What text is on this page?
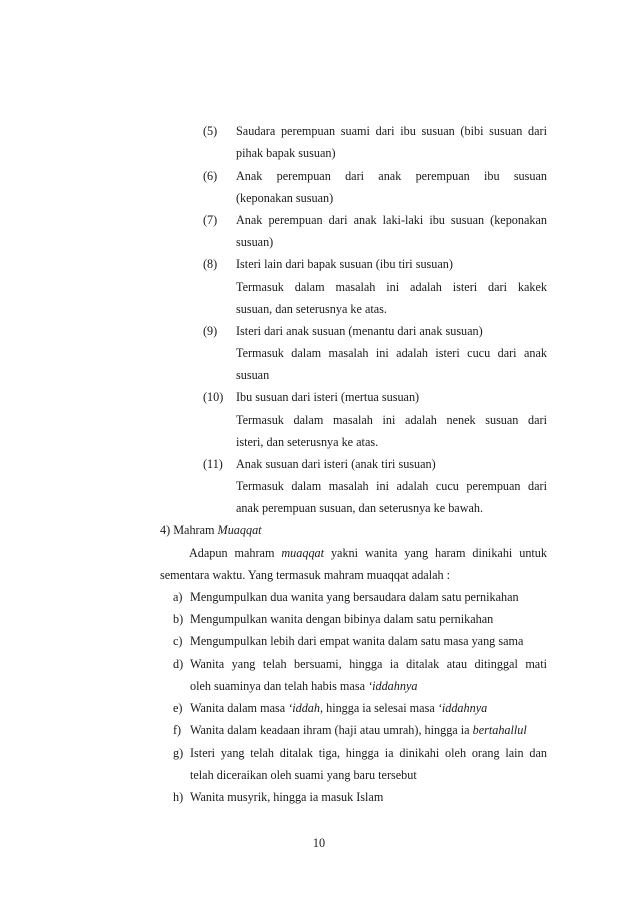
(5)	Saudara perempuan suami dari ibu susuan (bibi susuan dari
pihak bapak susuan)
(6)	Anak perempuan dari anak perempuan ibu susuan
(keponakan susuan)
(7)	Anak perempuan dari anak laki-laki ibu susuan (keponakan
susuan)
(8)	Isteri lain dari bapak susuan (ibu tiri susuan)
Termasuk dalam masalah ini adalah isteri dari kakek
susuan, dan seterusnya ke atas.
(9)	Isteri dari anak susuan (menantu dari anak susuan)
Termasuk dalam masalah ini adalah isteri cucu dari anak
susuan
(10)	Ibu susuan dari isteri (mertua susuan)
Termasuk dalam masalah ini adalah nenek susuan dari
isteri, dan seterusnya ke atas.
(11)	Anak susuan dari isteri (anak tiri susuan)
Termasuk dalam masalah ini adalah cucu perempuan dari
anak perempuan susuan, dan seterusnya ke bawah.
4) Mahram Muaqqat
Adapun mahram muaqqat yakni wanita yang haram dinikahi untuk
sementara waktu. Yang termasuk mahram muaqqat adalah :
a) Mengumpulkan dua wanita yang bersaudara dalam satu pernikahan
b) Mengumpulkan wanita dengan bibinya dalam satu pernikahan
c) Mengumpulkan lebih dari empat wanita dalam satu masa yang sama
d) Wanita yang telah bersuami, hingga ia ditalak atau ditinggal mati
oleh suaminya dan telah habis masa ‘iddahnya
e) Wanita dalam masa ‘iddah, hingga ia selesai masa ‘iddahnya
f) Wanita dalam keadaan ihram (haji atau umrah), hingga ia bertahallul
g) Isteri yang telah ditalak tiga, hingga ia dinikahi oleh orang lain dan
telah diceraikan oleh suami yang baru tersebut
h) Wanita musyrik, hingga ia masuk Islam
10
